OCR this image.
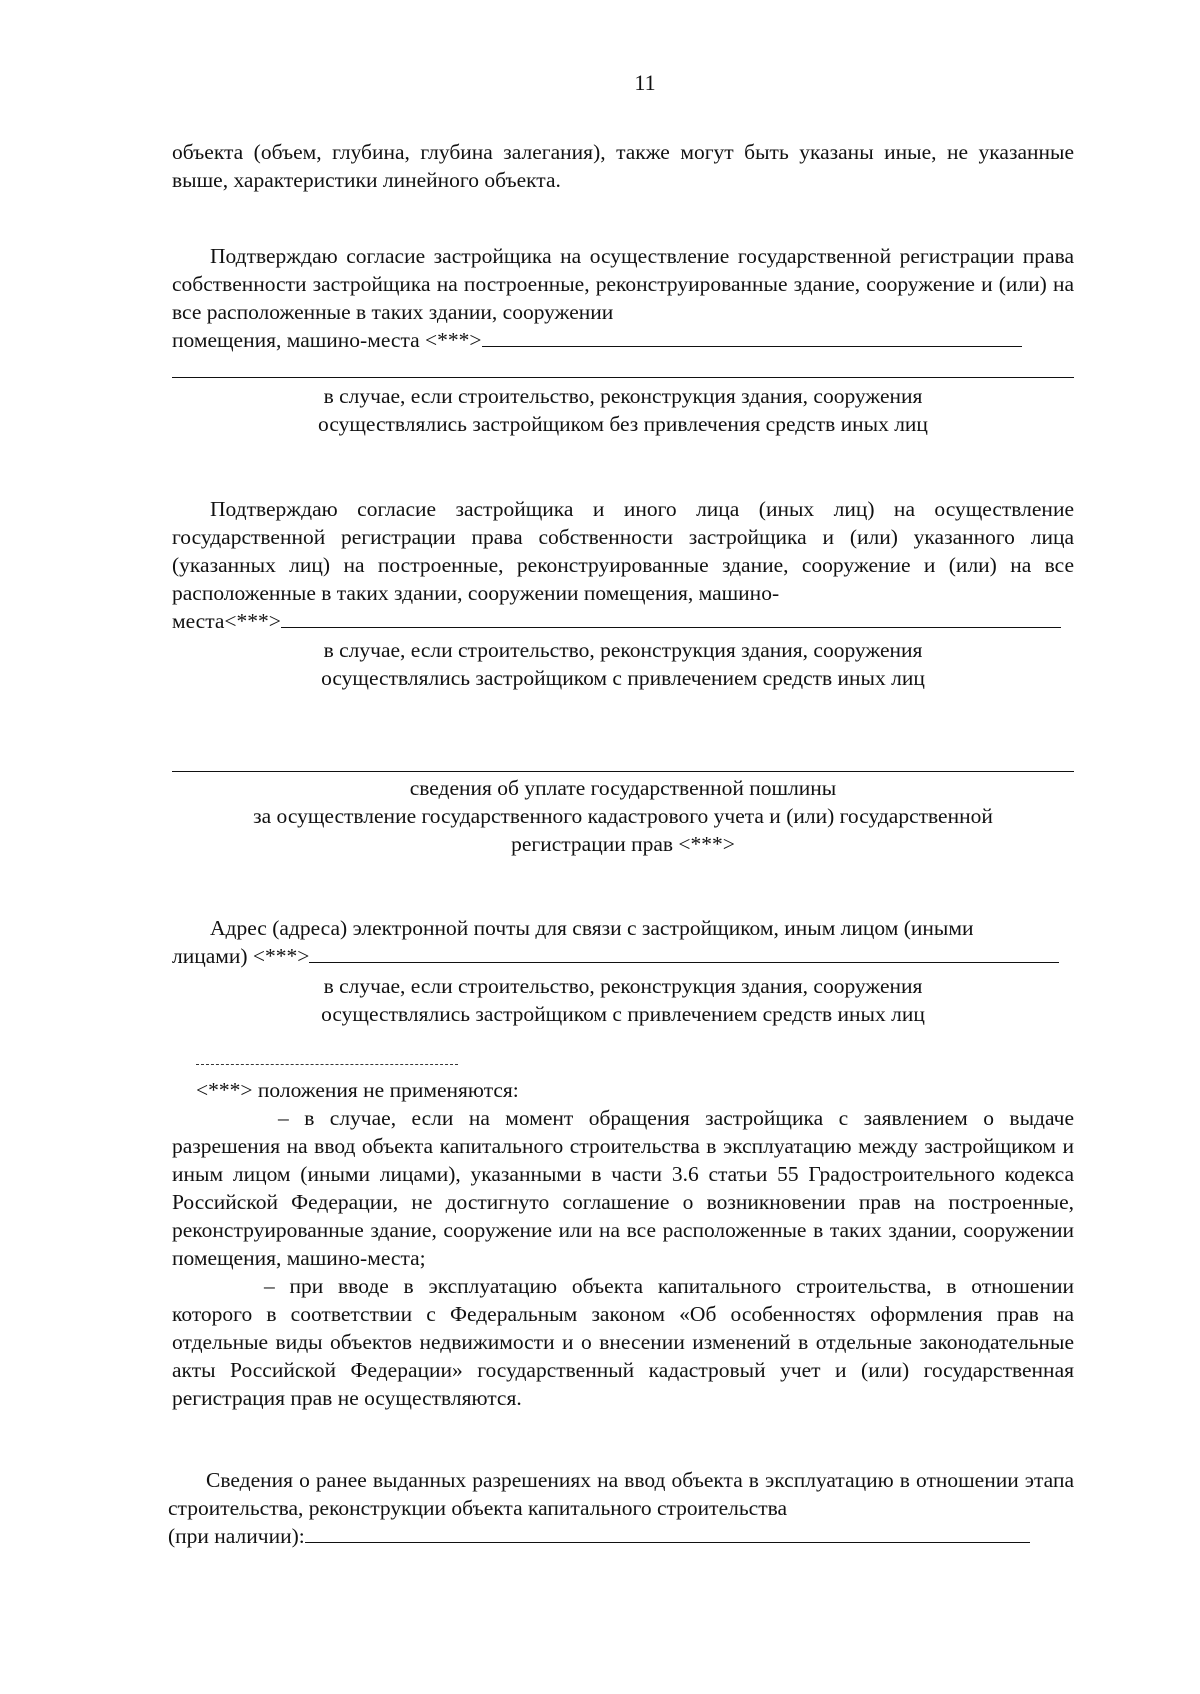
11
объекта (объем, глубина, глубина залегания), также могут быть указаны иные, не указанные выше, характеристики линейного объекта.
Подтверждаю согласие застройщика на осуществление государственной регистрации права собственности застройщика на построенные, реконструированные здание, сооружение и (или) на все расположенные в таких здании, сооружении
помещения, машино-места <***>
в случае, если строительство, реконструкция здания, сооружения
осуществлялись застройщиком без привлечения средств иных лиц
Подтверждаю согласие застройщика и иного лица (иных лиц) на осуществление государственной регистрации права собственности застройщика и (или) указанного лица (указанных лиц) на построенные, реконструированные здание, сооружение и (или) на все расположенные в таких здании, сооружении помещения, машино-
места<***>
в случае, если строительство, реконструкция здания, сооружения
осуществлялись застройщиком с привлечением средств иных лиц
сведения об уплате государственной пошлины
за осуществление государственного кадастрового учета и (или) государственной
регистрации прав <***>
Адрес (адреса) электронной почты для связи с застройщиком, иным лицом (иными
лицами) <***>
в случае, если строительство, реконструкция здания, сооружения
осуществлялись застройщиком с привлечением средств иных лиц
<***> положения не применяются:
– в случае, если на момент обращения застройщика с заявлением о выдаче разрешения на ввод объекта капитального строительства в эксплуатацию между застройщиком и иным лицом (иными лицами), указанными в части 3.6 статьи 55 Градостроительного кодекса Российской Федерации, не достигнуто соглашение о возникновении прав на построенные, реконструированные здание, сооружение или на все расположенные в таких здании, сооружении помещения, машино-места;
– при вводе в эксплуатацию объекта капитального строительства, в отношении которого в соответствии с Федеральным законом «Об особенностях оформления прав на отдельные виды объектов недвижимости и о внесении изменений в отдельные законодательные акты Российской Федерации» государственный кадастровый учет и (или) государственная регистрация прав не осуществляются.
Сведения о ранее выданных разрешениях на ввод объекта в эксплуатацию в отношении этапа строительства, реконструкции объекта капитального строительства
(при наличии):
